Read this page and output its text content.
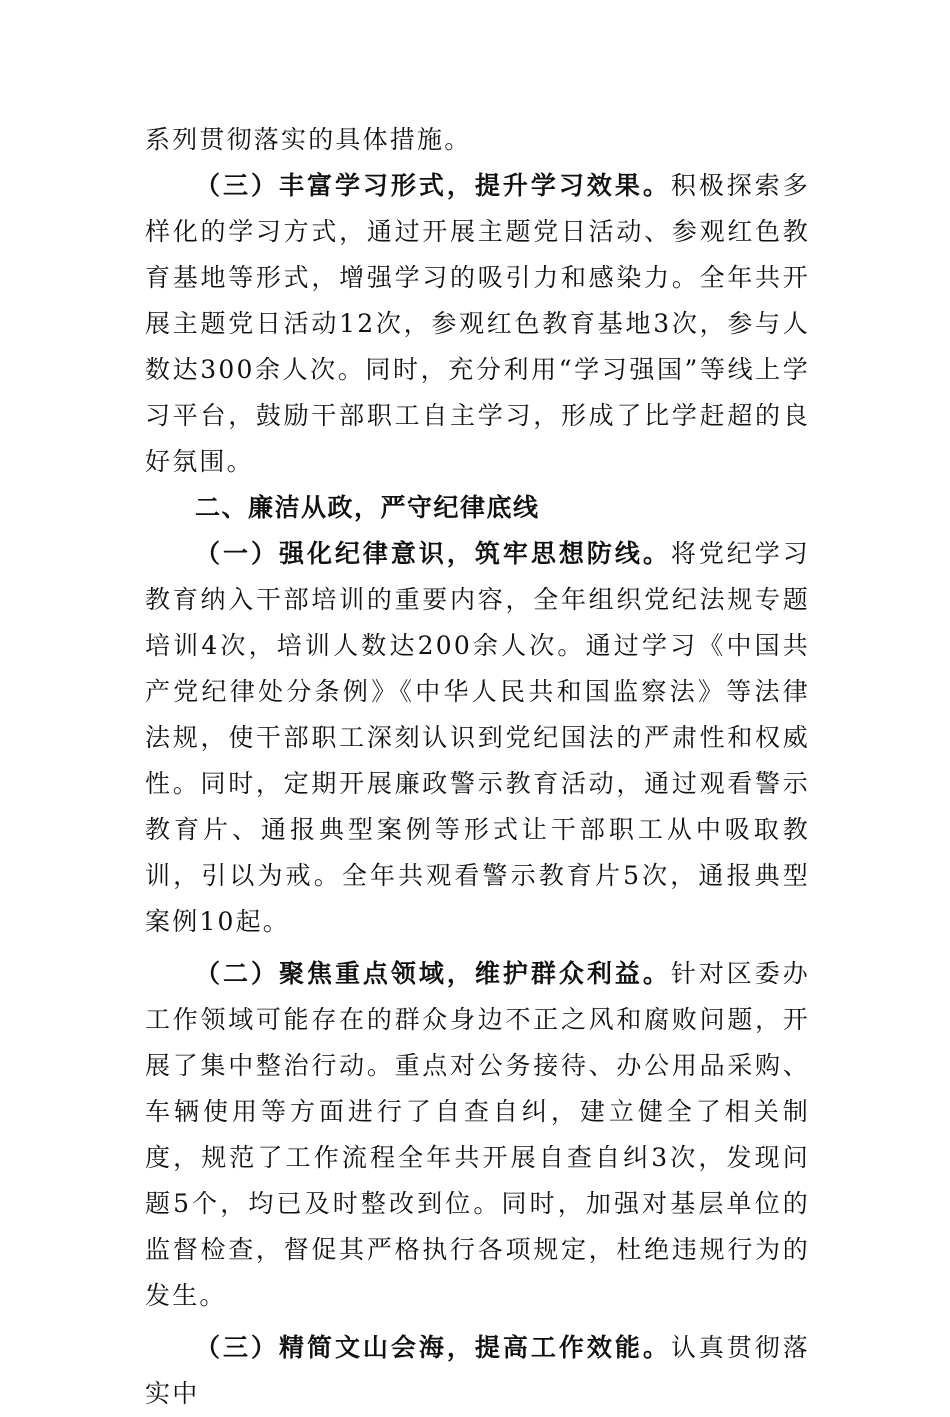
系列贯彻落实的具体措施。

（三）丰富学习形式，提升学习效果。积极探索多样化的学习方式，通过开展主题党日活动、参观红色教育基地等形式，增强学习的吸引力和感染力。全年共开展主题党日活动12次，参观红色教育基地3次，参与人数达300余人次。同时，充分利用“学习强国”等线上学习平台，鼓励干部职工自主学习，形成了比学赶超的良好氛围。

二、廉洁从政，严守纪律底线

（一）强化纪律意识，筑牢思想防线。将党纪学习教育纳入干部培训的重要内容，全年组织党纪法规专题培训4次，培训人数达200余人次。通过学习《中国共产党纪律处分条例》《中华人民共和国监察法》等法律法规，使干部职工深刻认识到党纪国法的严肃性和权威性。同时，定期开展廉政警示教育活动，通过观看警示教育片、通报典型案例等形式让干部职工从中吸取教训，引以为戒。全年共观看警示教育片5次，通报典型案例10起。

（二）聚焦重点领域，维护群众利益。针对区委办工作领域可能存在的群众身边不正之风和腐败问题，开展了集中整治行动。重点对公务接待、办公用品采购、车辆使用等方面进行了自查自纠，建立健全了相关制度，规范了工作流程全年共开展自查自纠3次，发现问题5个，均已及时整改到位。同时，加强对基层单位的监督检查，督促其严格执行各项规定，杜绝违规行为的发生。

（三）精简文山会海，提高工作效能。认真贯彻落实中
